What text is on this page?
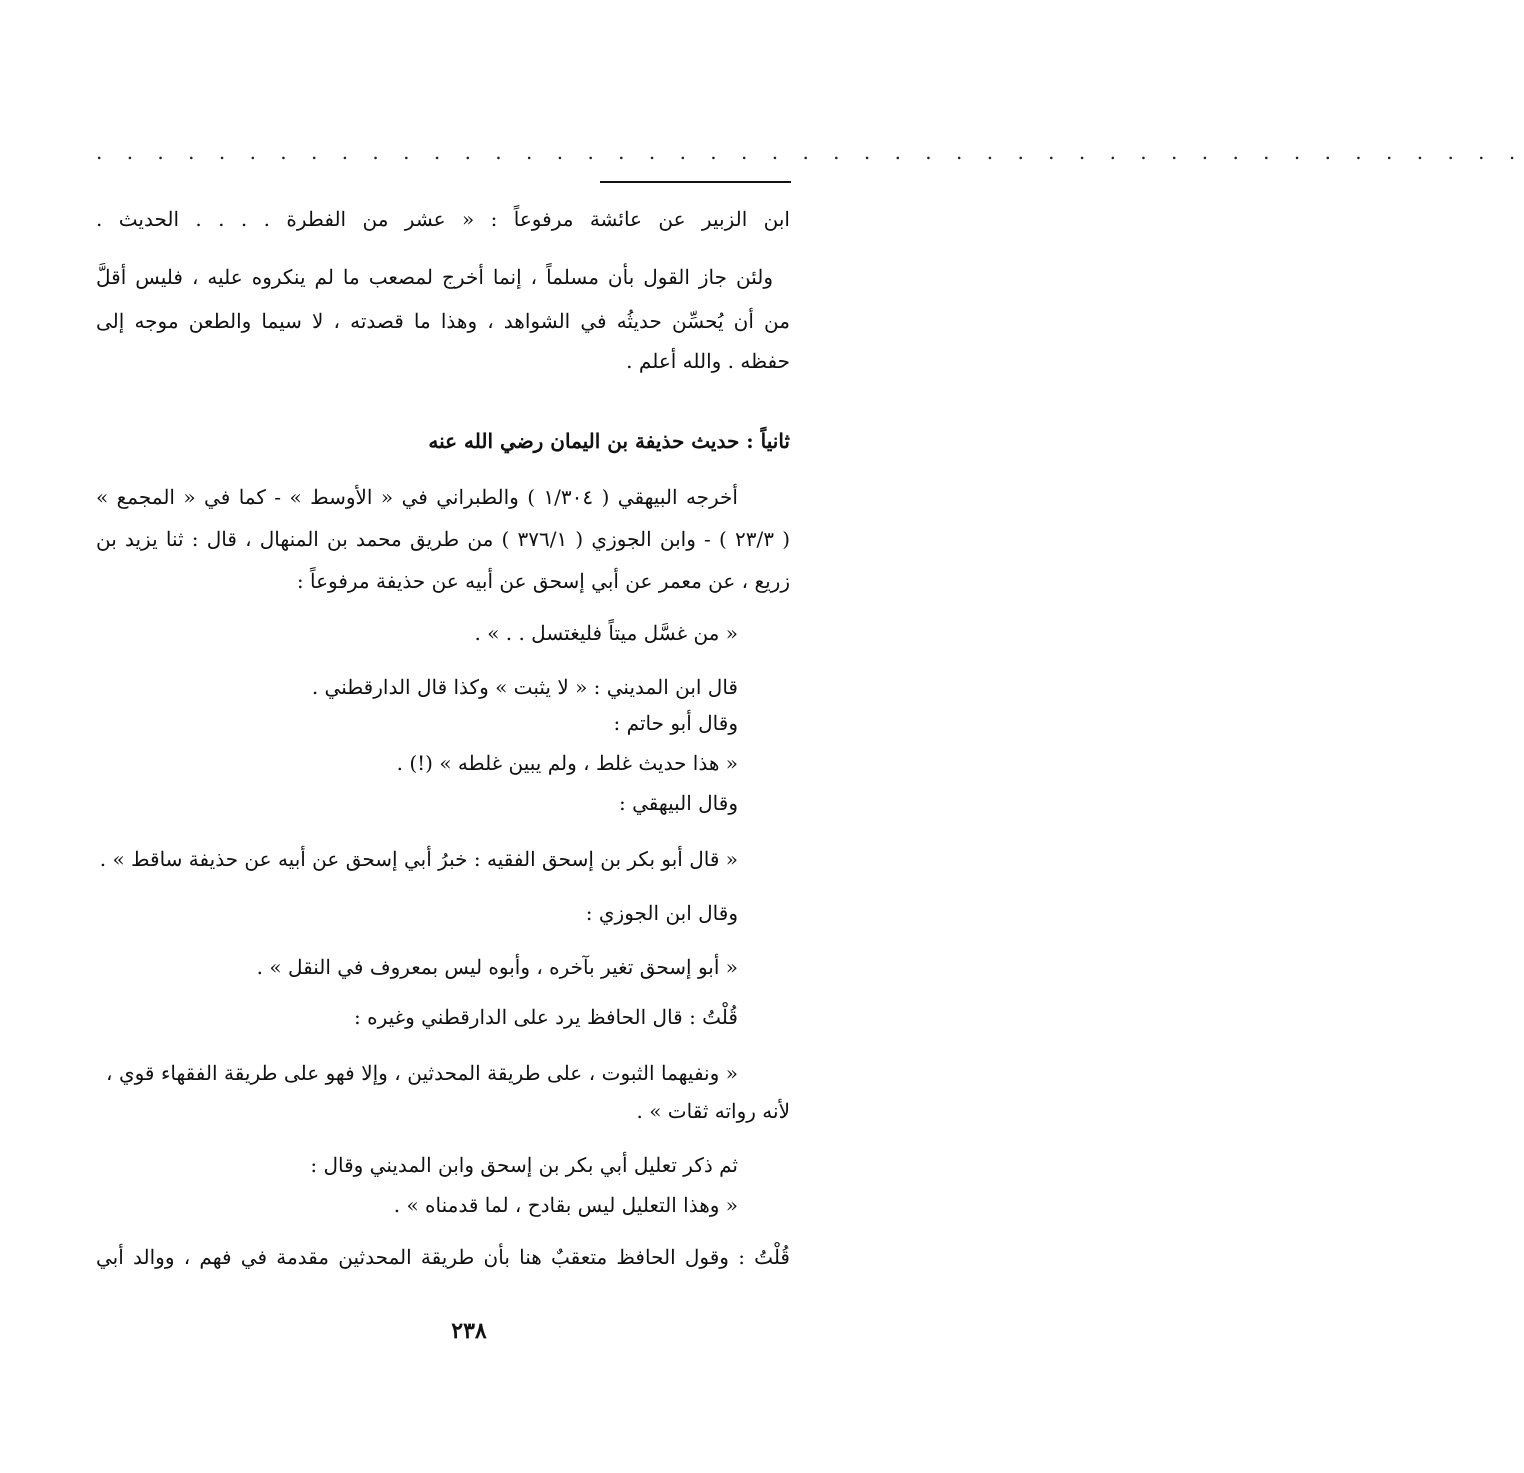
. . . . . . . . . . . . . . . . . . . . . . . . . . . . . . . . . . . . . . . . . . . . . . .
ابن الزبير عن عائشة مرفوعاً : « عشر من الفطرة . . . . الحديث .
ولئن جاز القول بأن مسلماً ، إنما أخرج لمصعب ما لم ينكروه عليه ، فليس أقلَّ
من أن يُحسِّن حديثُه في الشواهد ، وهذا ما قصدته ، لا سيما والطعن موجه إلى
حفظه . والله أعلم .
ثانياً : حديث حذيفة بن اليمان رضي الله عنه
أخرجه البيهقي ( ١/٣٠٤ ) والطبراني في « الأوسط » - كما في « المجمع »
( ٢٣/٣ ) - وابن الجوزي ( ٣٧٦/١ ) من طريق محمد بن المنهال ، قال : ثنا يزيد بن
زريع ، عن معمر عن أبي إسحق عن أبيه عن حذيفة مرفوعاً :
« من غسَّل ميتاً فليغتسل . . » .
قال ابن المديني : « لا يثبت » وكذا قال الدارقطني .
وقال أبو حاتم :
« هذا حديث غلط ، ولم يبين غلطه » (!) .
وقال البيهقي :
« قال أبو بكر بن إسحق الفقيه : خبرُ أبي إسحق عن أبيه عن حذيفة ساقط » .
وقال ابن الجوزي :
« أبو إسحق تغير بآخره ، وأبوه ليس بمعروف في النقل » .
قُلْتُ : قال الحافظ يرد على الدارقطني وغيره :
« ونفيهما الثبوت ، على طريقة المحدثين ، وإلا فهو على طريقة الفقهاء قوي ،
لأنه رواته ثقات » .
ثم ذكر تعليل أبي بكر بن إسحق وابن المديني وقال :
« وهذا التعليل ليس بقادح ، لما قدمناه » .
قُلْتُ : وقول الحافظ متعقبٌ هنا بأن طريقة المحدثين مقدمة في فهم ، ووالد أبي
٢٣٨
